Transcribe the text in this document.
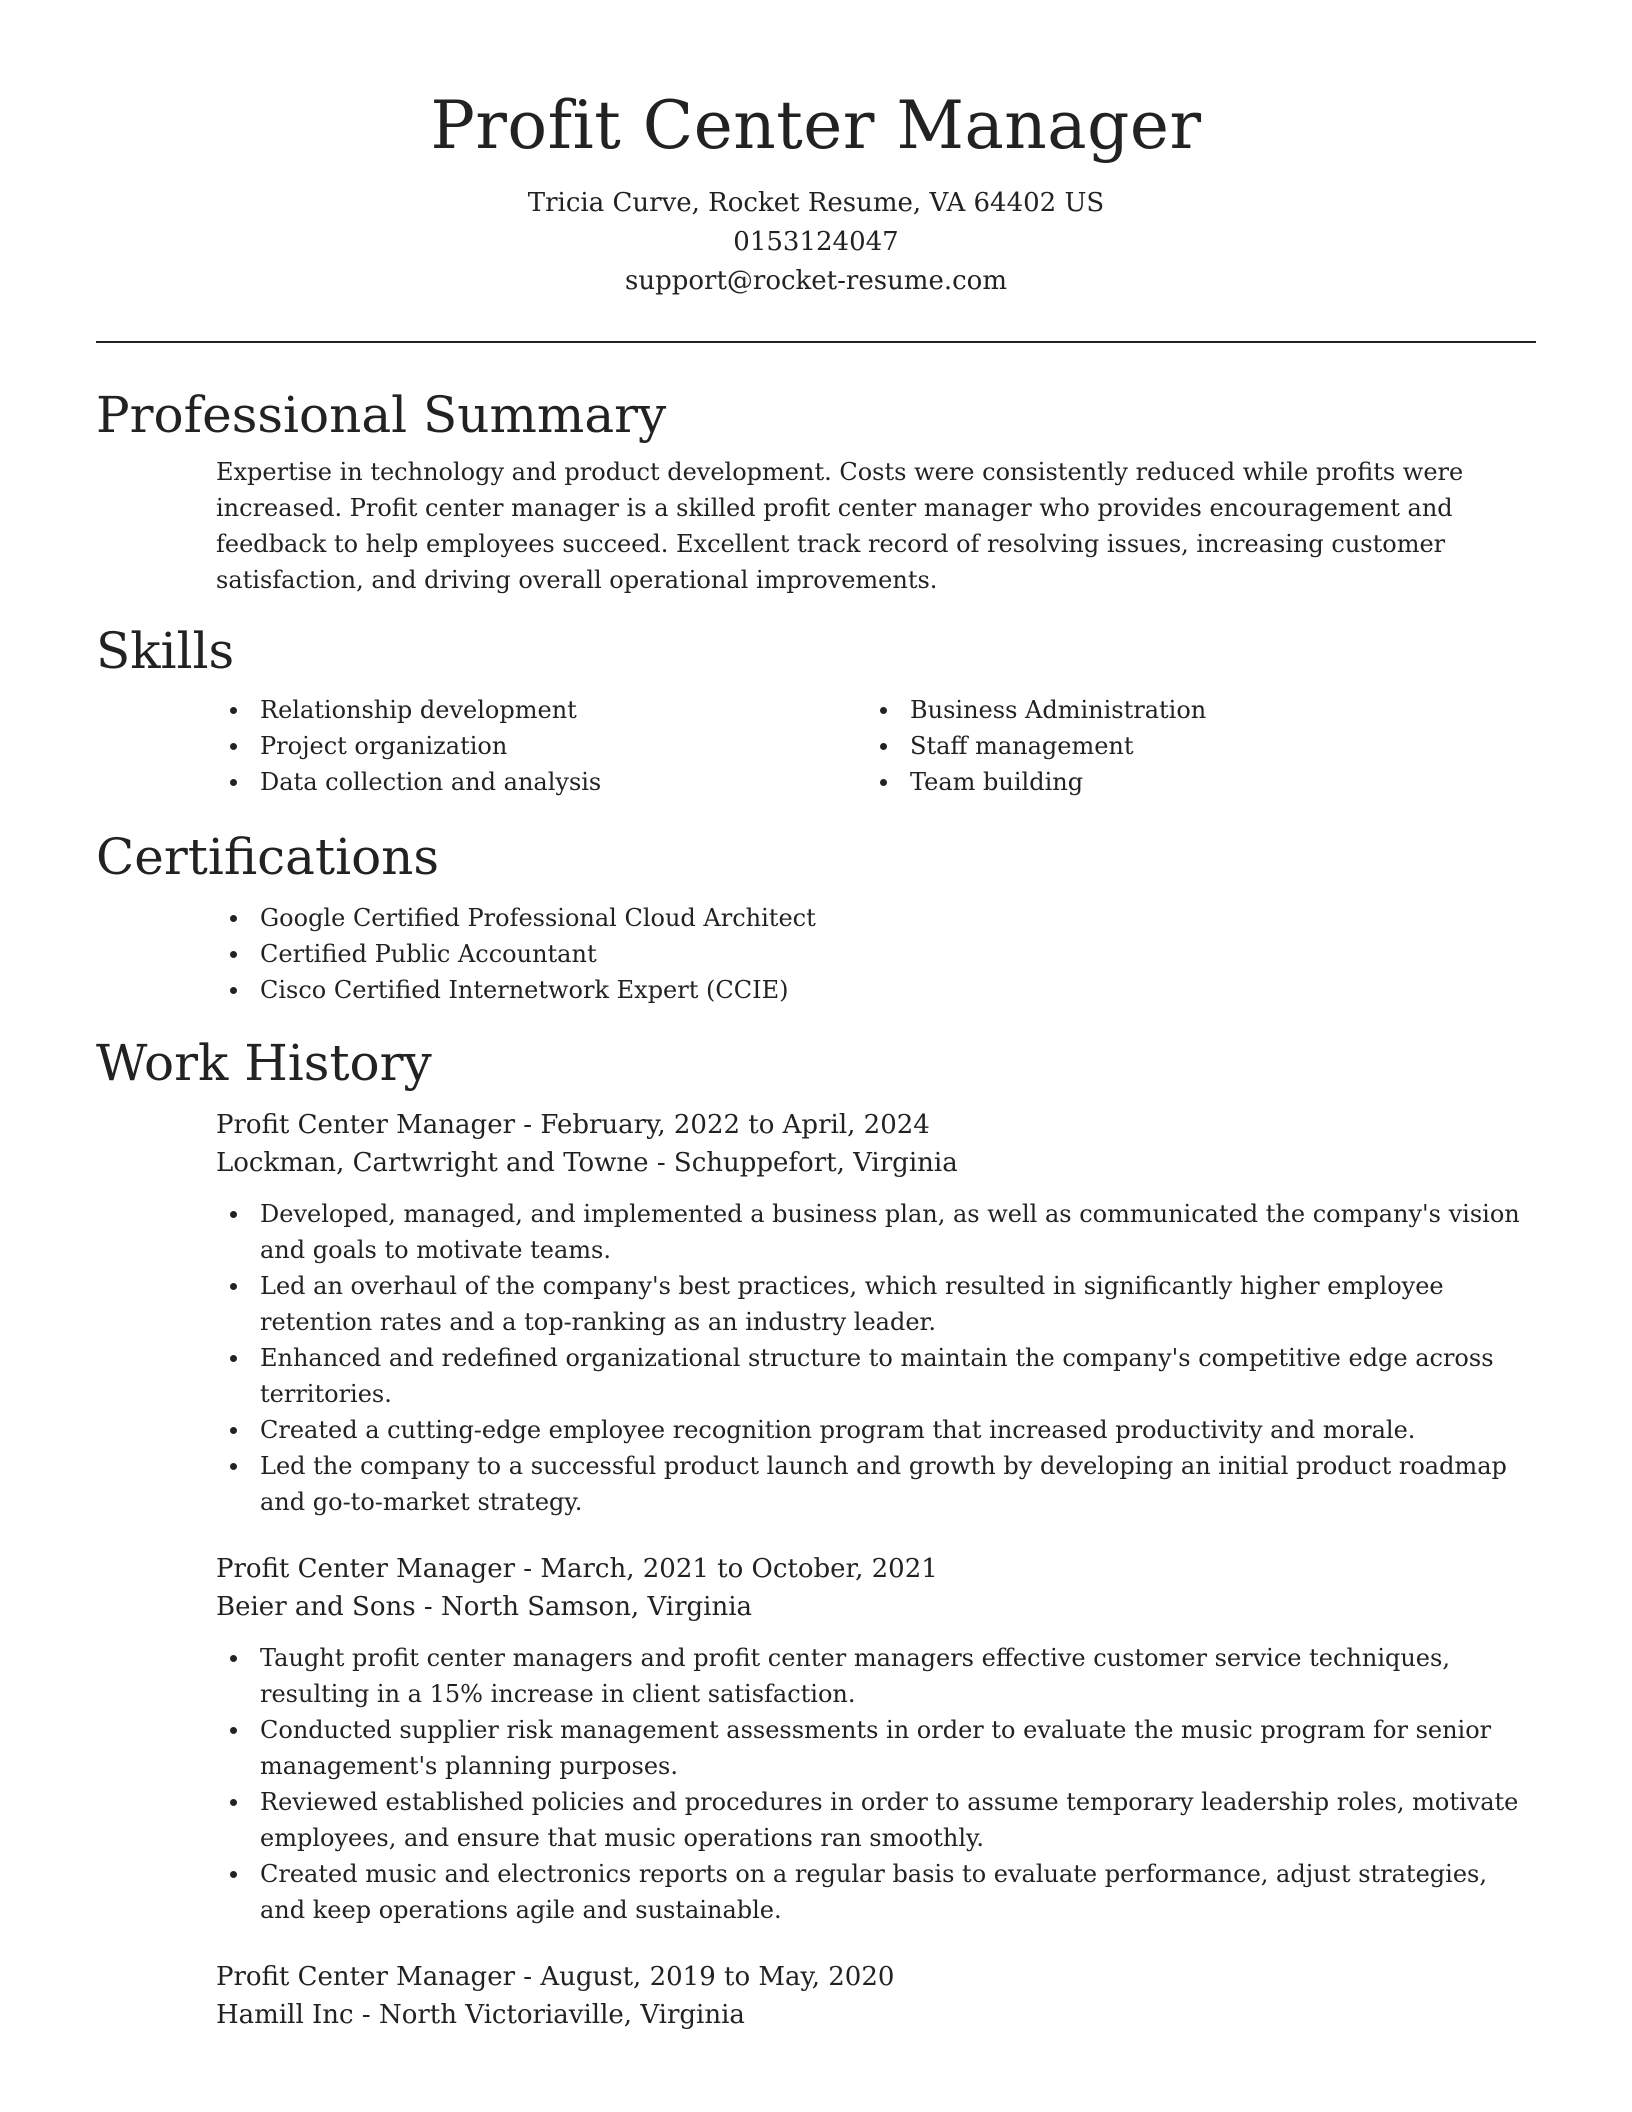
Profit Center Manager
Tricia Curve, Rocket Resume, VA 64402 US
0153124047
support@rocket-resume.com
Professional Summary

Expertise in technology and product development. Costs were consistently reduced while profits were increased. Profit center manager is a skilled profit center manager who provides encouragement and feedback to help employees succeed. Excellent track record of resolving issues, increasing customer satisfaction, and driving overall operational improvements.

Skills
Relationship development
Project organization
Data collection and analysis
Business Administration
Staff management
Team building
Certifications
Google Certified Professional Cloud Architect
Certified Public Accountant
Cisco Certified Internetwork Expert (CCIE)
Work History
Profit Center Manager - February, 2022 to April, 2024
Lockman, Cartwright and Towne - Schuppefort, Virginia
Developed, managed, and implemented a business plan, as well as communicated the company's vision and goals to motivate teams.
Led an overhaul of the company's best practices, which resulted in significantly higher employee retention rates and a top-ranking as an industry leader.
Enhanced and redefined organizational structure to maintain the company's competitive edge across territories.
Created a cutting-edge employee recognition program that increased productivity and morale.
Led the company to a successful product launch and growth by developing an initial product roadmap and go-to-market strategy.
Profit Center Manager - March, 2021 to October, 2021
Beier and Sons - North Samson, Virginia
Taught profit center managers and profit center managers effective customer service techniques, resulting in a 15% increase in client satisfaction.
Conducted supplier risk management assessments in order to evaluate the music program for senior management's planning purposes.
Reviewed established policies and procedures in order to assume temporary leadership roles, motivate employees, and ensure that music operations ran smoothly.
Created music and electronics reports on a regular basis to evaluate performance, adjust strategies, and keep operations agile and sustainable.
Profit Center Manager - August, 2019 to May, 2020
Hamill Inc - North Victoriaville, Virginia
